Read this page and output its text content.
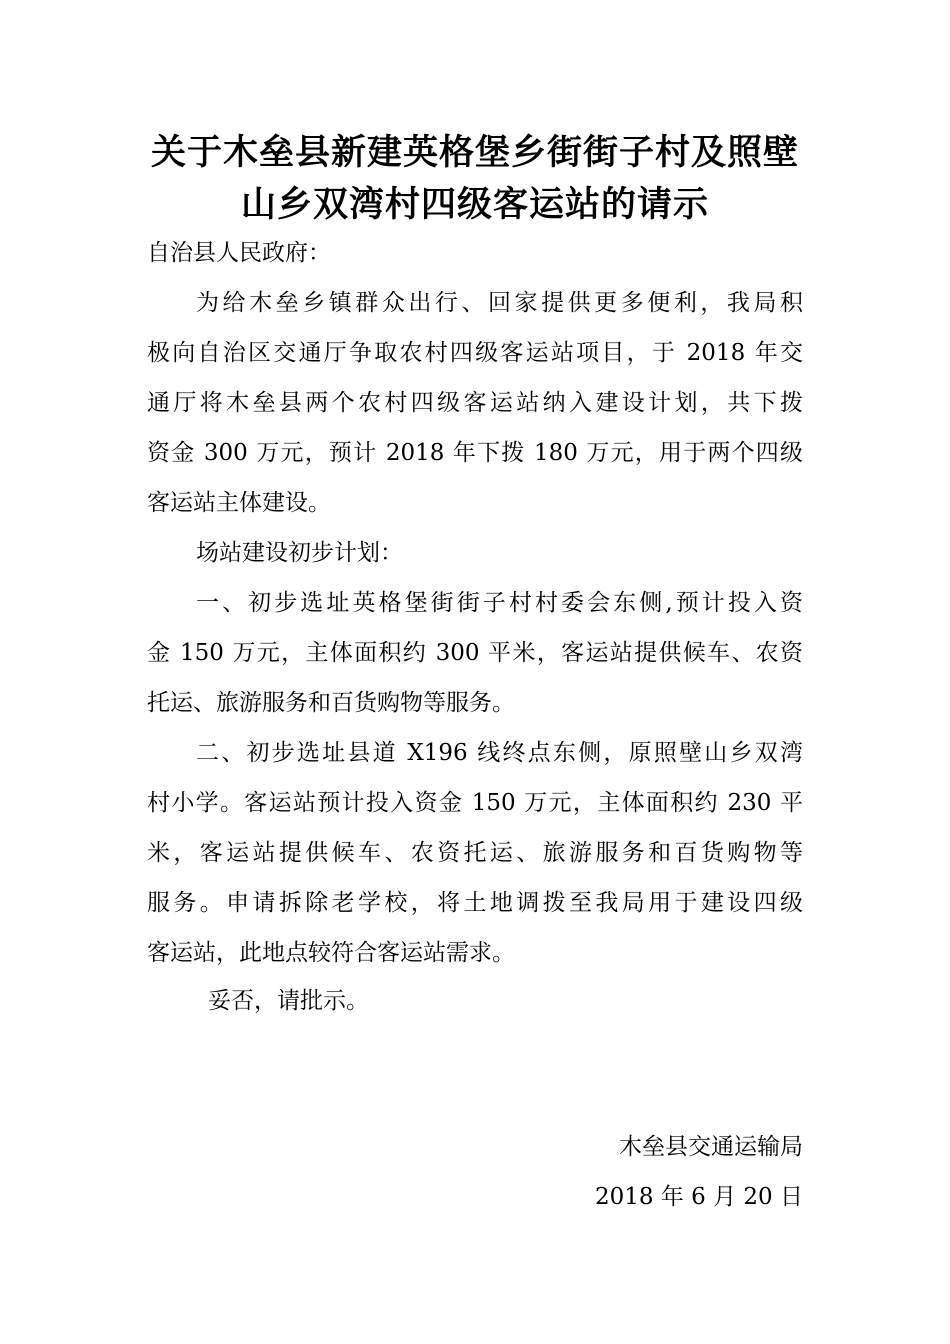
关于木垒县新建英格堡乡街街子村及照壁
山乡双湾村四级客运站的请示

自治县人民政府：

为给木垒乡镇群众出行、回家提供更多便利，我局积

极向自治区交通厅争取农村四级客运站项目，于 2018 年交

通厅将木垒县两个农村四级客运站纳入建设计划，共下拨

资金 300 万元，预计 2018 年下拨 180 万元，用于两个四级

客运站主体建设。

场站建设初步计划：

一、初步选址英格堡街街子村村委会东侧,预计投入资

金 150 万元，主体面积约 300 平米，客运站提供候车、农资

托运、旅游服务和百货购物等服务。

二、初步选址县道 X196 线终点东侧，原照壁山乡双湾

村小学。客运站预计投入资金 150 万元，主体面积约 230 平

米，客运站提供候车、农资托运、旅游服务和百货购物等

服务。申请拆除老学校，将土地调拨至我局用于建设四级

客运站，此地点较符合客运站需求。

妥否，请批示。

木垒县交通运输局

2018 年 6 月 20 日
